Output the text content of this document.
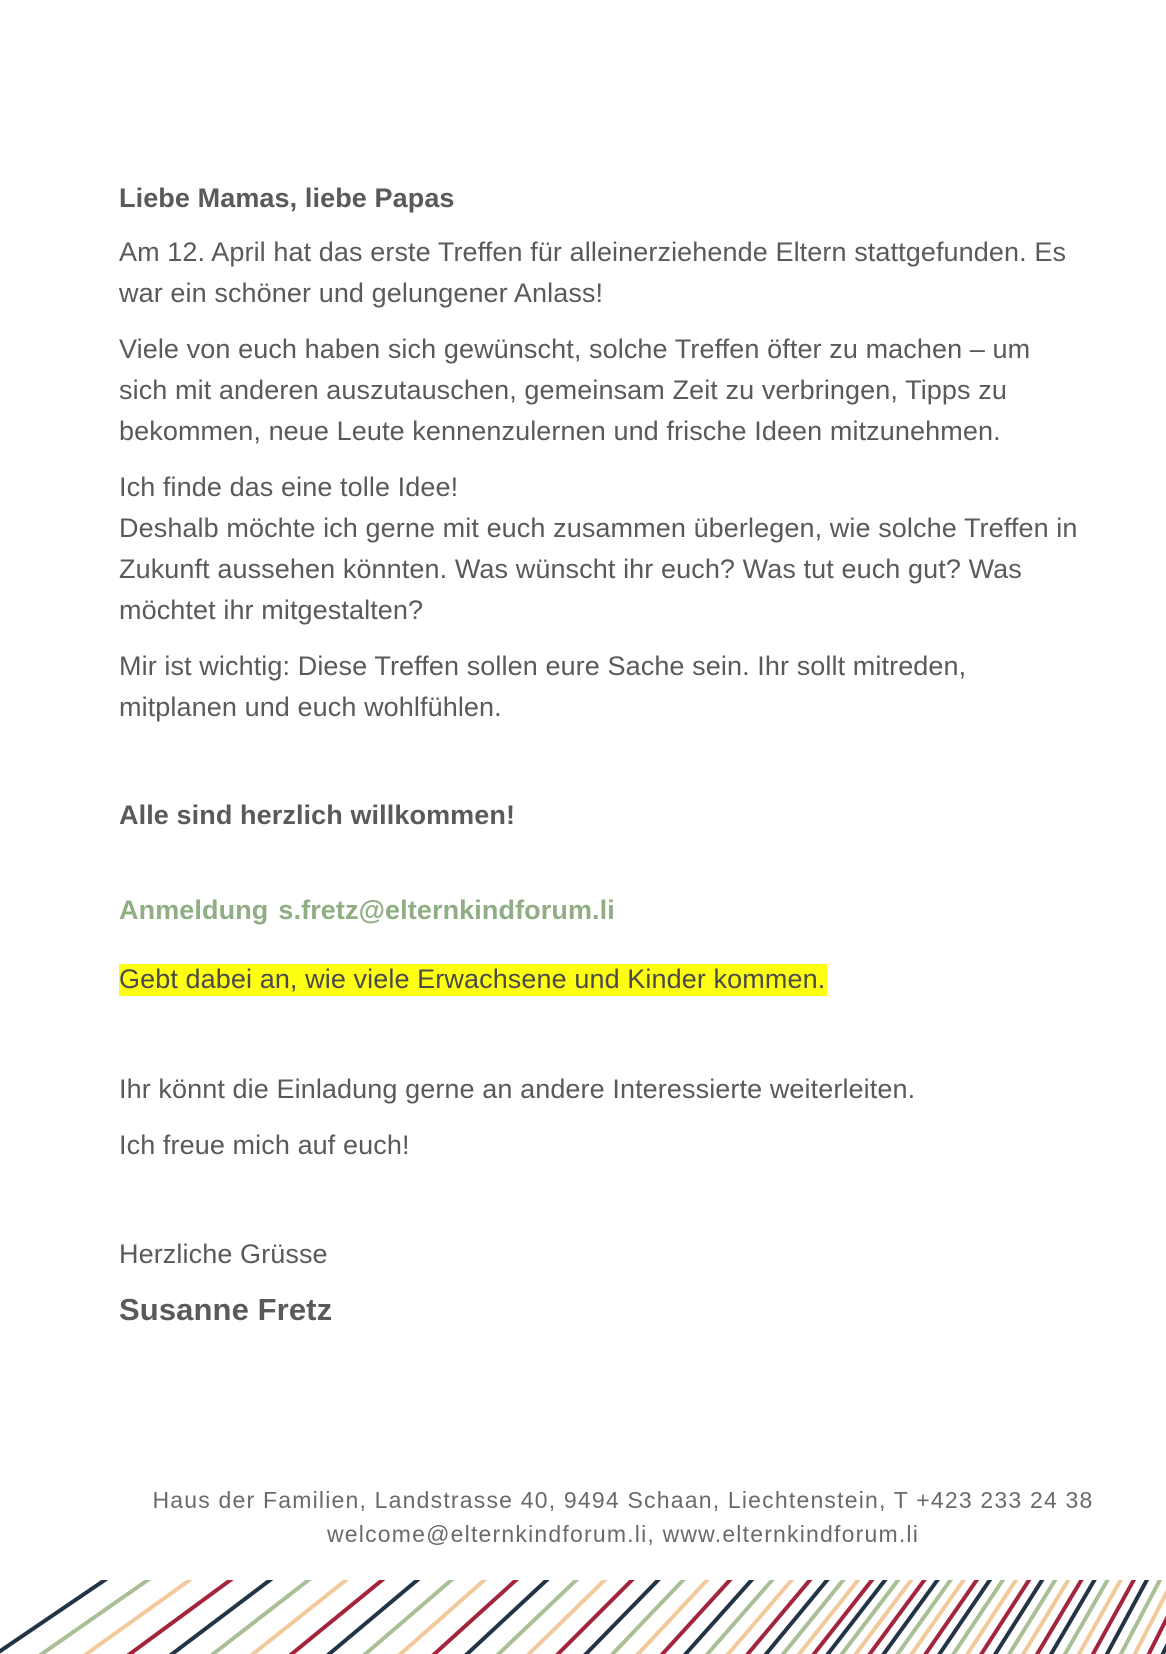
Liebe Mamas, liebe Papas

Am 12. April hat das erste Treffen für alleinerziehende Eltern stattgefunden. Es war ein schöner und gelungener Anlass!

Viele von euch haben sich gewünscht, solche Treffen öfter zu machen – um sich mit anderen auszutauschen, gemeinsam Zeit zu verbringen, Tipps zu bekommen, neue Leute kennenzulernen und frische Ideen mitzunehmen.

Ich finde das eine tolle Idee!

Deshalb möchte ich gerne mit euch zusammen überlegen, wie solche Treffen in Zukunft aussehen könnten. Was wünscht ihr euch? Was tut euch gut? Was möchtet ihr mitgestalten?

Mir ist wichtig: Diese Treffen sollen eure Sache sein. Ihr sollt mitreden, mitplanen und euch wohlfühlen.

Alle sind herzlich willkommen!

Anmeldung s.fretz@elternkindforum.li

Gebt dabei an, wie viele Erwachsene und Kinder kommen.

Ihr könnt die Einladung gerne an andere Interessierte weiterleiten.

Ich freue mich auf euch!

Herzliche Grüsse

Susanne Fretz

Haus der Familien, Landstrasse 40, 9494 Schaan, Liechtenstein, T +423 233 24 38
welcome@elternkindforum.li, www.elternkindforum.li
